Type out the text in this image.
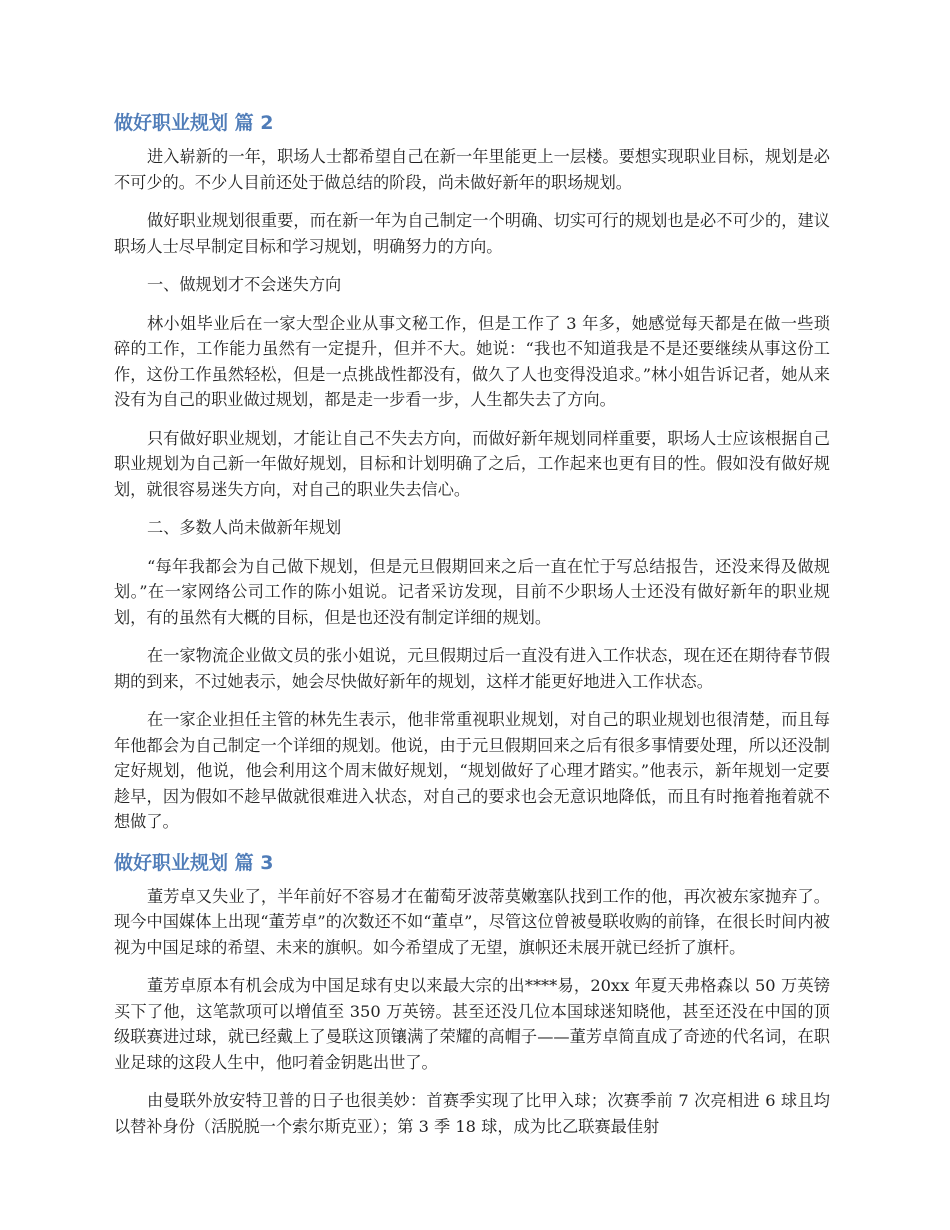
做好职业规划 篇 2

进入崭新的一年，职场人士都希望自己在新一年里能更上一层楼。要想实现职业目标，规划是必不可少的。不少人目前还处于做总结的阶段，尚未做好新年的职场规划。

做好职业规划很重要，而在新一年为自己制定一个明确、切实可行的规划也是必不可少的，建议职场人士尽早制定目标和学习规划，明确努力的方向。

一、做规划才不会迷失方向

林小姐毕业后在一家大型企业从事文秘工作，但是工作了 3 年多，她感觉每天都是在做一些琐碎的工作，工作能力虽然有一定提升，但并不大。她说：“我也不知道我是不是还要继续从事这份工作，这份工作虽然轻松，但是一点挑战性都没有，做久了人也变得没追求。”林小姐告诉记者，她从来没有为自己的职业做过规划，都是走一步看一步，人生都失去了方向。

只有做好职业规划，才能让自己不失去方向，而做好新年规划同样重要，职场人士应该根据自己职业规划为自己新一年做好规划，目标和计划明确了之后，工作起来也更有目的性。假如没有做好规划，就很容易迷失方向，对自己的职业失去信心。

二、多数人尚未做新年规划

“每年我都会为自己做下规划，但是元旦假期回来之后一直在忙于写总结报告，还没来得及做规划。”在一家网络公司工作的陈小姐说。记者采访发现，目前不少职场人士还没有做好新年的职业规划，有的虽然有大概的目标，但是也还没有制定详细的规划。

在一家物流企业做文员的张小姐说，元旦假期过后一直没有进入工作状态，现在还在期待春节假期的到来，不过她表示，她会尽快做好新年的规划，这样才能更好地进入工作状态。

在一家企业担任主管的林先生表示，他非常重视职业规划，对自己的职业规划也很清楚，而且每年他都会为自己制定一个详细的规划。他说，由于元旦假期回来之后有很多事情要处理，所以还没制定好规划，他说，他会利用这个周末做好规划，“规划做好了心理才踏实。”他表示，新年规划一定要趁早，因为假如不趁早做就很难进入状态，对自己的要求也会无意识地降低，而且有时拖着拖着就不想做了。

做好职业规划 篇 3

董芳卓又失业了，半年前好不容易才在葡萄牙波蒂莫嫩塞队找到工作的他，再次被东家抛弃了。现今中国媒体上出现“董芳卓”的次数还不如“董卓”，尽管这位曾被曼联收购的前锋，在很长时间内被视为中国足球的希望、未来的旗帜。如今希望成了无望，旗帜还未展开就已经折了旗杆。

董芳卓原本有机会成为中国足球有史以来最大宗的出****易，20xx 年夏天弗格森以 50 万英镑买下了他，这笔款项可以增值至 350 万英镑。甚至还没几位本国球迷知晓他，甚至还没在中国的顶级联赛进过球，就已经戴上了曼联这顶镶满了荣耀的高帽子——董芳卓简直成了奇迹的代名词，在职业足球的这段人生中，他叼着金钥匙出世了。

由曼联外放安特卫普的日子也很美妙：首赛季实现了比甲入球；次赛季前 7 次亮相进 6 球且均以替补身份（活脱脱一个索尔斯克亚）；第 3 季 18 球，成为比乙联赛最佳射
